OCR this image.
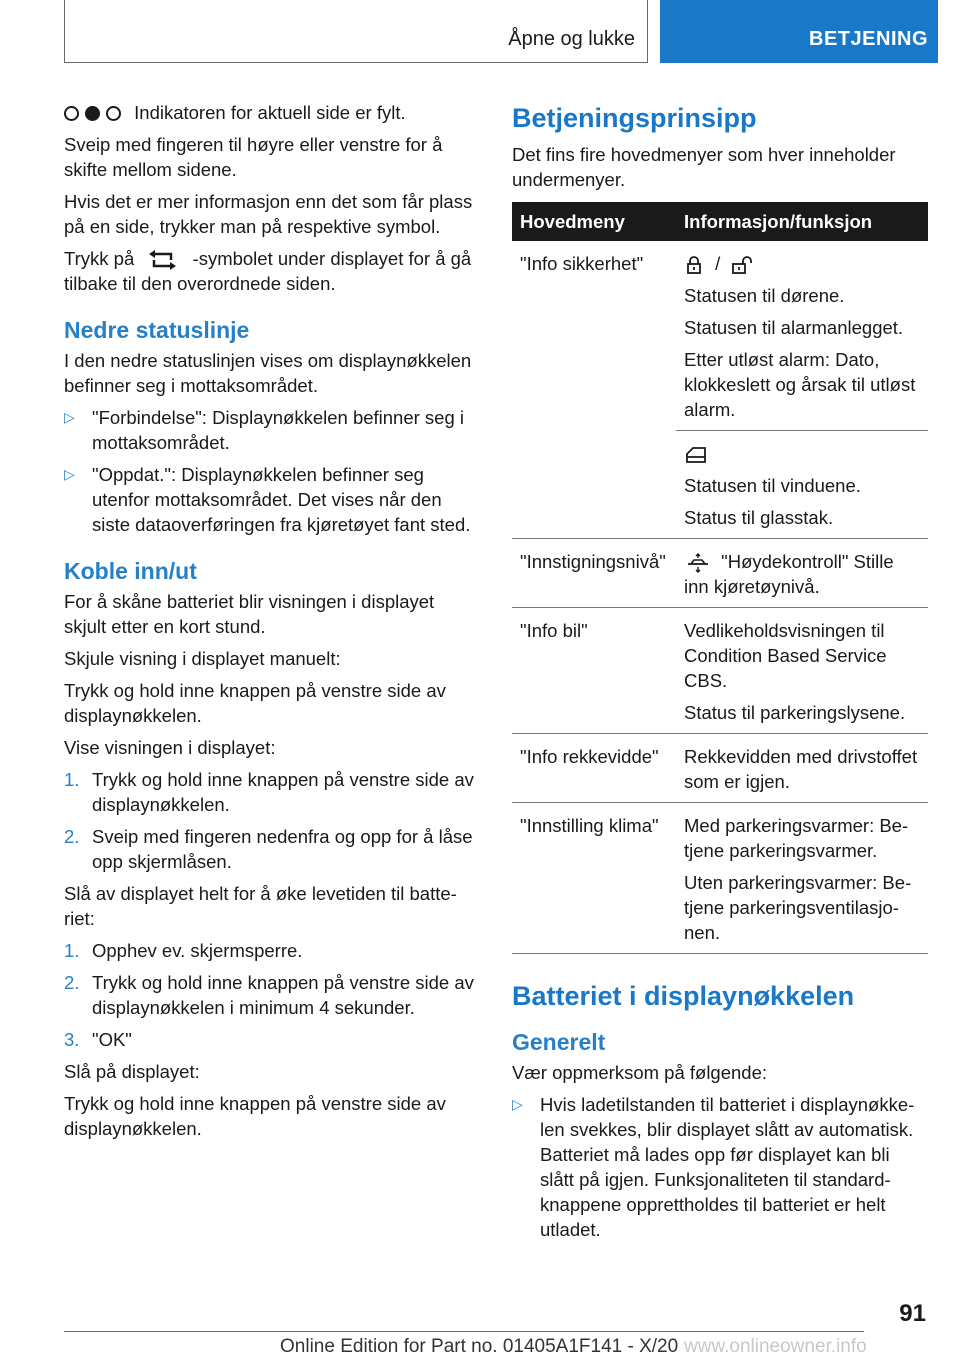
Åpne og lukke	BETJENING

Indikatoren for aktuell side er fylt.

Sveip med fingeren til høyre eller venstre for å skifte mellom sidene.

Hvis det er mer informasjon enn det som får plass på en side, trykker man på respektive symbol.

Trykk på	-symbolet under displayet for å gå tilbake til den overordnede siden.

Nedre statuslinje

I den nedre statuslinjen vises om displaynøkkelen befinner seg i mottaksområdet.

▷ "Forbindelse": Displaynøkkelen befinner seg i mottaksområdet.
▷ "Oppdat.": Displaynøkkelen befinner seg utenfor mottaksområdet. Det vises når den siste dataoverføringen fra kjøretøyet fant sted.
Koble inn/ut

For å skåne batteriet blir visningen i displayet skjult etter en kort stund.

Skjule visning i displayet manuelt:

Trykk og hold inne knappen på venstre side av displaynøkkelen.

Vise visningen i displayet:

1. Trykk og hold inne knappen på venstre side av displaynøkkelen.
2. Sveip med fingeren nedenfra og opp for å låse opp skjermlåsen.

Slå av displayet helt for å øke levetiden til batteriet:

1. Opphev ev. skjermsperre.
2. Trykk og hold inne knappen på venstre side av displaynøkkelen i minimum 4 sekunder.
3. "OK"

Slå på displayet:

Trykk og hold inne knappen på venstre side av displaynøkkelen.

Betjeningsprinsipp

Det fins fire hovedmenyer som hver inneholder undermenyer.

Hovedmeny	Informasjon/funksjon
"Info sikkerhet"	/

Statusen til dørene.

Statusen til alarmanlegget.

Etter utløst alarm: Dato, klokkeslett og årsak til utløst alarm.

	Statusen til vinduene.

Status til glasstak.

"Innstigningsnivå"	"Høydekontroll" Stille inn kjøretøynivå.

"Info bil"	Vedlikeholdsvisningen til Condition Based Service CBS.

Status til parkeringslysene.

"Info rekkevidde"	Rekkevidden med drivstoffet som er igjen.

"Innstilling klima"	Med parkeringsvarmer: Betjene parkeringsvarmer.

Uten parkeringsvarmer: Betjene parkeringsventilasjonen.

Batteriet i displaynøkkelen
Generelt

Vær oppmerksom på følgende:

▷ Hvis ladetilstanden til batteriet i displaynøkkelen svekkes, blir displayet slått av automatisk. Batteriet må lades opp før displayet kan bli slått på igjen. Funksjonaliteten til standardknappene opprettholdes til batteriet er helt utladet.
91
Online Edition for Part no. 01405A1F141 - X/20 www.onlineowner.info
